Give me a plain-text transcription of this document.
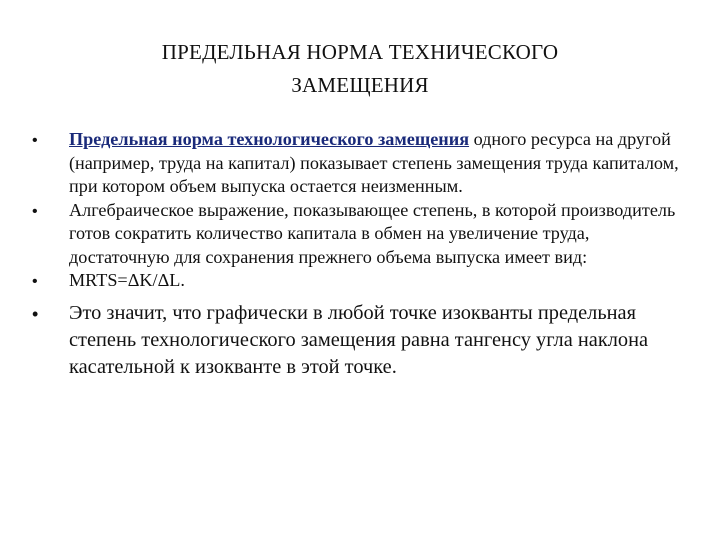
ПРЕДЕЛЬНАЯ НОРМА ТЕХНИЧЕСКОГО
ЗАМЕЩЕНИЯ
• Предельная норма технологического замещения одного ресурса на другой (например, труда на капитал) показывает степень замещения труда капиталом, при котором объем выпуска остается неизменным.
• Алгебраическое выражение, показывающее степень, в которой производитель готов сократить количество капитала в обмен на увеличение труда, достаточную для сохранения прежнего объема выпуска имеет вид:
• MRTS=ΔK/ΔL.
• Это значит, что графически в любой точке изокванты предельная степень технологического замещения равна тангенсу угла наклона касательной к изокванте в этой точке.
